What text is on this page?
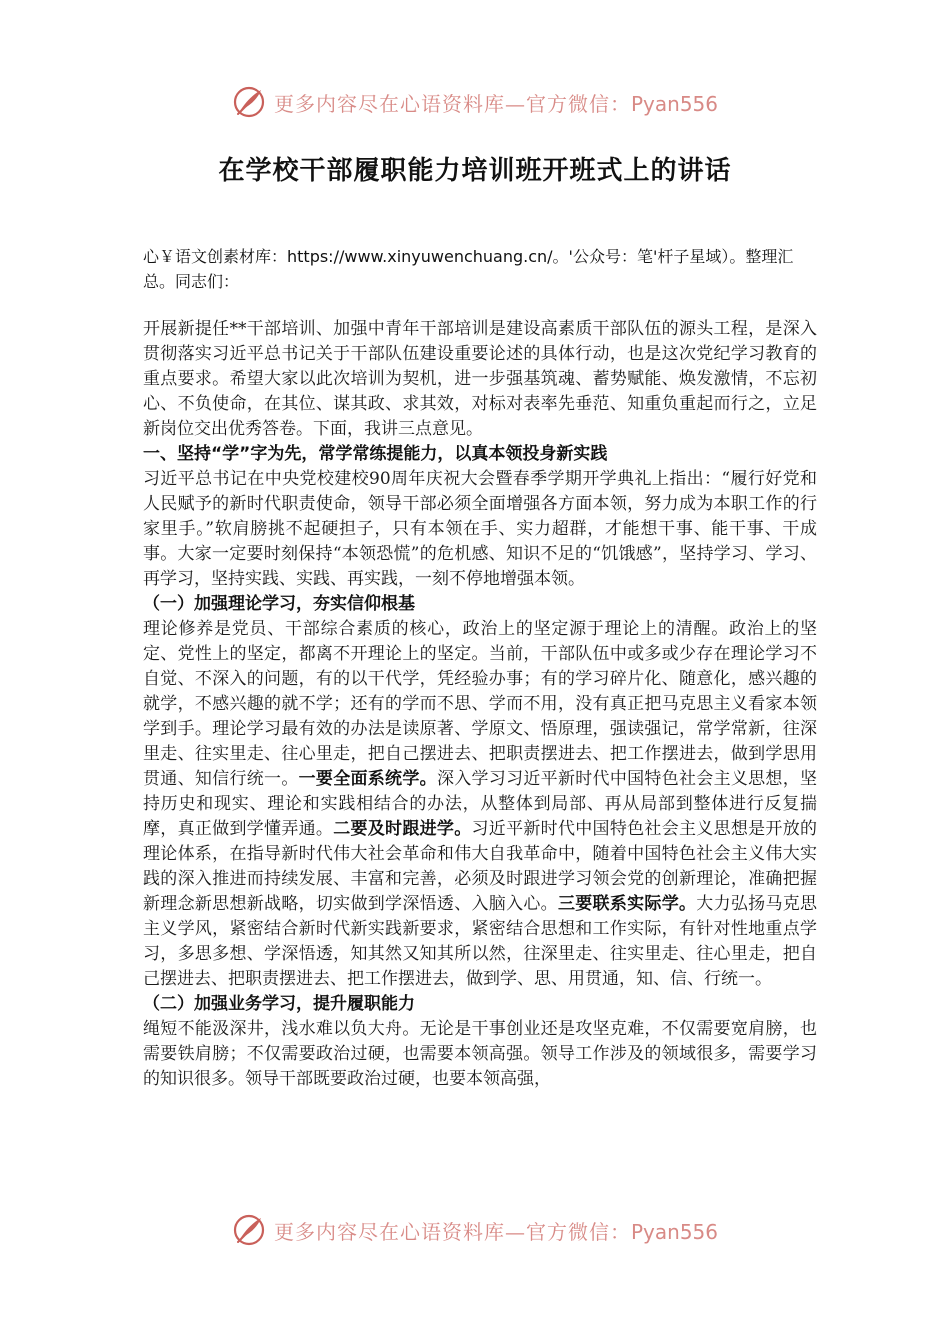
更多内容尽在心语资料库—官方微信：Pyan556
在学校干部履职能力培训班开班式上的讲话

心￥语文创素材库：https://www.xinyuwenchuang.cn/。'公众号：笔'杆子星域）。整理汇总。同志们：

开展新提任**干部培训、加强中青年干部培训是建设高素质干部队伍的源头工程，是深入贯彻落实习近平总书记关于干部队伍建设重要论述的具体行动，也是这次党纪学习教育的重点要求。希望大家以此次培训为契机，进一步强基筑魂、蓄势赋能、焕发激情，不忘初心、不负使命，在其位、谋其政、求其效，对标对表率先垂范、知重负重起而行之，立足新岗位交出优秀答卷。下面，我讲三点意见。

一、坚持“学”字为先，常学常练提能力，以真本领投身新实践

习近平总书记在中央党校建校90周年庆祝大会暨春季学期开学典礼上指出：“履行好党和人民赋予的新时代职责使命，领导干部必须全面增强各方面本领，努力成为本职工作的行家里手。”软肩膀挑不起硬担子，只有本领在手、实力超群，才能想干事、能干事、干成事。大家一定要时刻保持“本领恐慌”的危机感、知识不足的“饥饿感”，坚持学习、学习、再学习，坚持实践、实践、再实践，一刻不停地增强本领。

（一）加强理论学习，夯实信仰根基

理论修养是党员、干部综合素质的核心，政治上的坚定源于理论上的清醒。政治上的坚定、党性上的坚定，都离不开理论上的坚定。当前，干部队伍中或多或少存在理论学习不自觉、不深入的问题，有的以干代学，凭经验办事；有的学习碎片化、随意化，感兴趣的就学，不感兴趣的就不学；还有的学而不思、学而不用，没有真正把马克思主义看家本领学到手。理论学习最有效的办法是读原著、学原文、悟原理，强读强记，常学常新，往深里走、往实里走、往心里走，把自己摆进去、把职责摆进去、把工作摆进去，做到学思用贯通、知信行统一。一要全面系统学。深入学习习近平新时代中国特色社会主义思想，坚持历史和现实、理论和实践相结合的办法，从整体到局部、再从局部到整体进行反复揣摩，真正做到学懂弄通。二要及时跟进学。习近平新时代中国特色社会主义思想是开放的理论体系，在指导新时代伟大社会革命和伟大自我革命中，随着中国特色社会主义伟大实践的深入推进而持续发展、丰富和完善，必须及时跟进学习领会党的创新理论，准确把握新理念新思想新战略，切实做到学深悟透、入脑入心。三要联系实际学。大力弘扬马克思主义学风，紧密结合新时代新实践新要求，紧密结合思想和工作实际，有针对性地重点学习，多思多想、学深悟透，知其然又知其所以然，往深里走、往实里走、往心里走，把自己摆进去、把职责摆进去、把工作摆进去，做到学、思、用贯通，知、信、行统一。

（二）加强业务学习，提升履职能力

绳短不能汲深井，浅水难以负大舟。无论是干事创业还是攻坚克难，不仅需要宽肩膀，也需要铁肩膀；不仅需要政治过硬，也需要本领高强。领导工作涉及的领域很多，需要学习的知识很多。领导干部既要政治过硬，也要本领高强，

更多内容尽在心语资料库—官方微信：Pyan556
